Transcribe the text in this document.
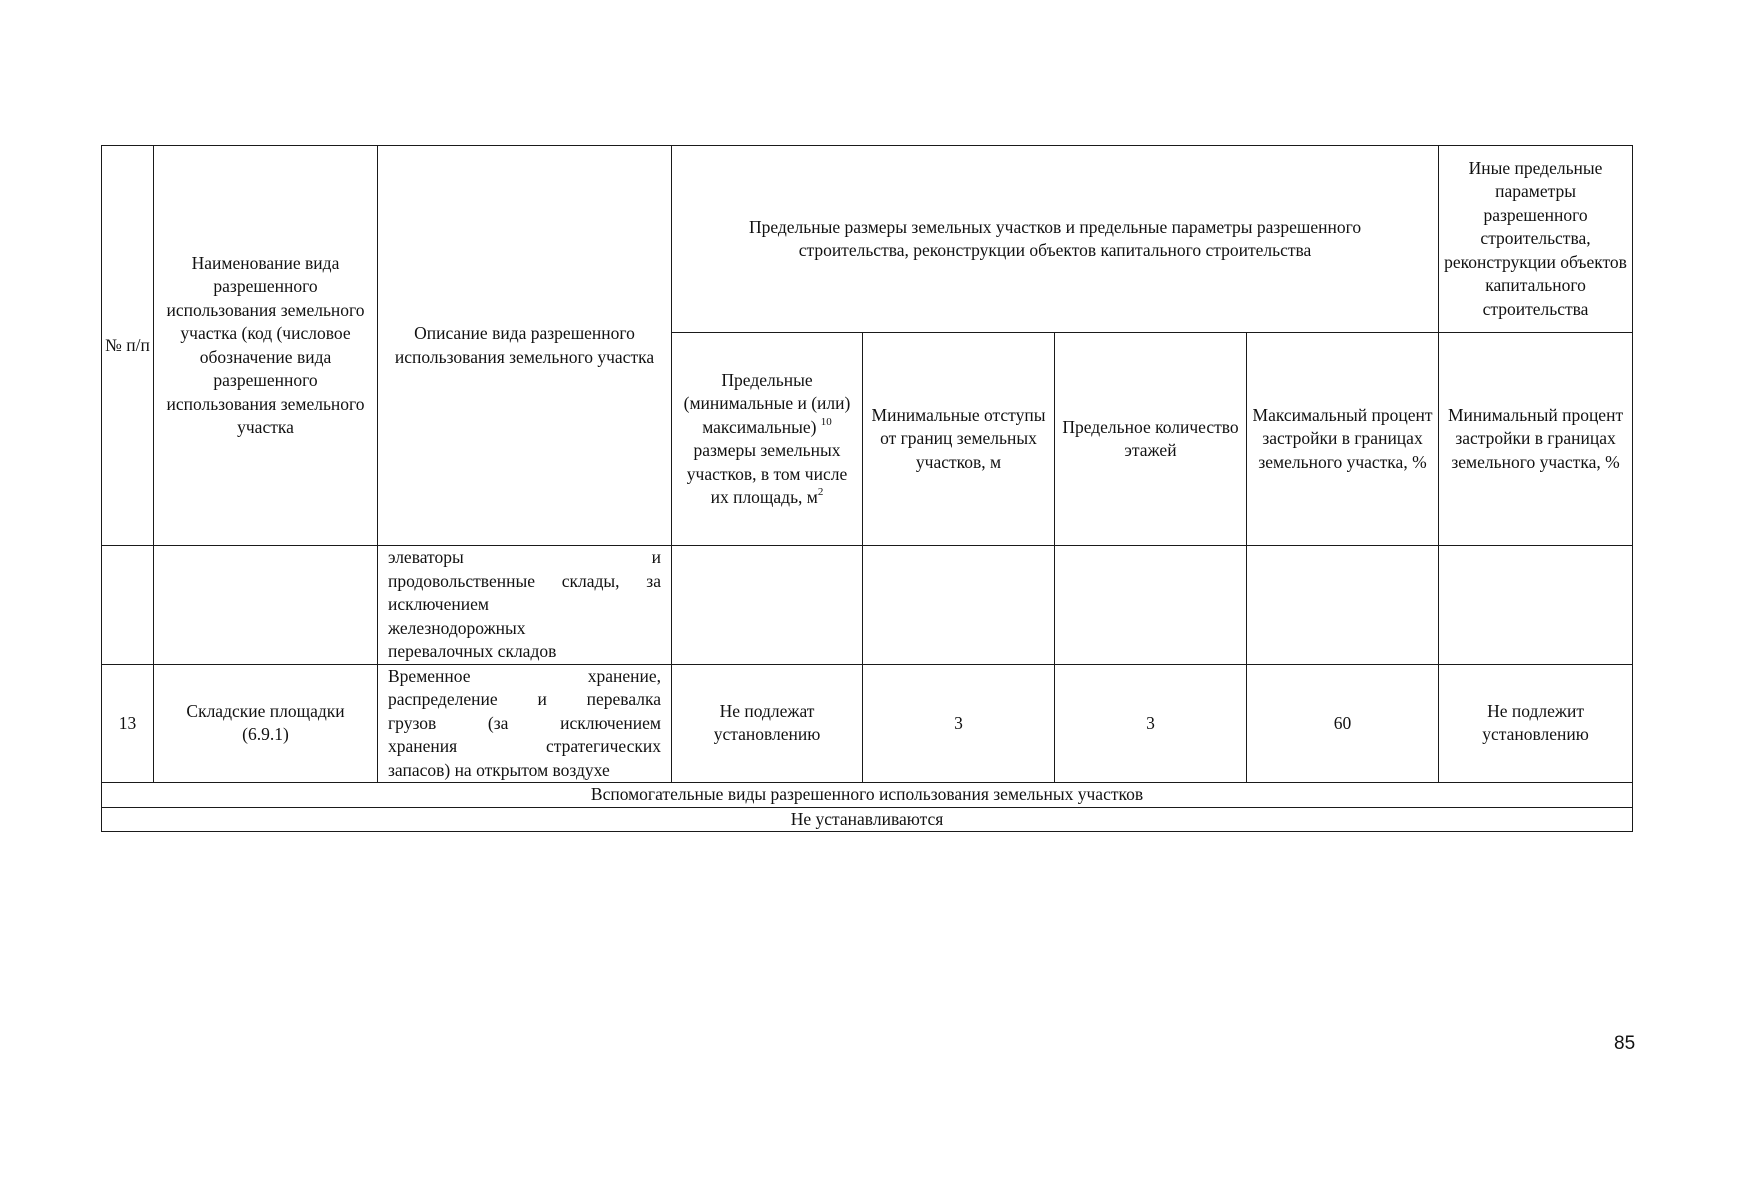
№ п/п	Наименование вида разрешенного использования земельного участка (код (числовое обозначение вида разрешенного использования земельного участка	Описание вида разрешенного использования земельного участка	Предельные размеры земельных участков и предельные параметры разрешенного строительства, реконструкции объектов капитального строительства				Иные предельные параметры разрешенного строительства, реконструкции объектов капитального строительства
			Предельные (минимальные и (или) максимальные) $^{10}$ размеры земельных участков, в том числе их площадь, $м^2$	Минимальные отступы от границ земельных участков, м	Предельное количество этажей	Максимальный процент застройки в границах земельного участка, %	Минимальный процент застройки в границах земельного участка, %

		элеваторы и
продовольственные склады, за
исключением
железнодорожных
перевалочных складов					

13	Складские площадки (6.9.1)	Временное хранение,
распределение и перевалка
грузов (за исключением
хранения стратегических
запасов) на открытом воздухе	Не подлежат установлению	3	3	60	Не подлежит установлению
Вспомогательные виды разрешенного использования земельных участков							
Не устанавливаются							
85
